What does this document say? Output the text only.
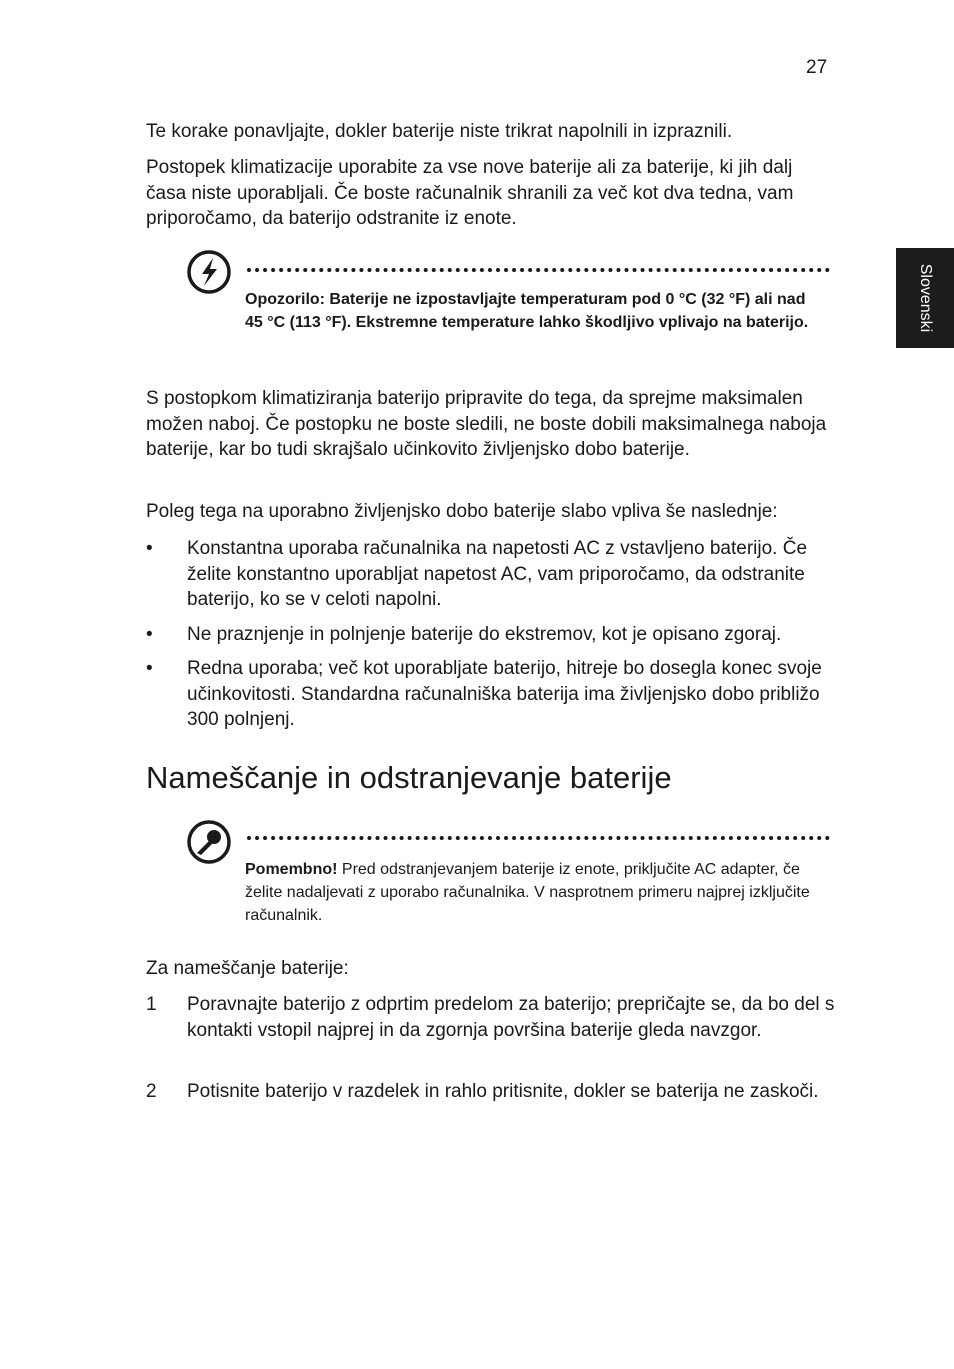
27
Slovenski

Te korake ponavljajte, dokler baterije niste trikrat napolnili in izpraznili.

Postopek klimatizacije uporabite za vse nove baterije ali za baterije, ki jih dalj časa niste uporabljali. Če boste računalnik shranili za več kot dva tedna, vam priporočamo, da baterijo odstranite iz enote.

Opozorilo: Baterije ne izpostavljajte temperaturam pod 0 °C (32 °F) ali nad 45 °C (113 °F). Ekstremne temperature lahko škodljivo vplivajo na baterijo.

S postopkom klimatiziranja baterijo pripravite do tega, da sprejme maksimalen možen naboj. Če postopku ne boste sledili, ne boste dobili maksimalnega naboja baterije, kar bo tudi skrajšalo učinkovito življenjsko dobo baterije.

Poleg tega na uporabno življenjsko dobo baterije slabo vpliva še naslednje:

• Konstantna uporaba računalnika na napetosti AC z vstavljeno baterijo. Če želite konstantno uporabljat napetost AC, vam priporočamo, da odstranite baterijo, ko se v celoti napolni.
• Ne praznjenje in polnjenje baterije do ekstremov, kot je opisano zgoraj.
• Redna uporaba; več kot uporabljate baterijo, hitreje bo dosegla konec svoje učinkovitosti. Standardna računalniška baterija ima življenjsko dobo približo 300 polnjenj.
Nameščanje in odstranjevanje baterije

Pomembno! Pred odstranjevanjem baterije iz enote, priključite AC adapter, če želite nadaljevati z uporabo računalnika. V nasprotnem primeru najprej izključite računalnik.

Za nameščanje baterije:

1 Poravnajte baterijo z odprtim predelom za baterijo; prepričajte se, da bo del s kontakti vstopil najprej in da zgornja površina baterije gleda navzgor.
2 Potisnite baterijo v razdelek in rahlo pritisnite, dokler se baterija ne zaskoči.
